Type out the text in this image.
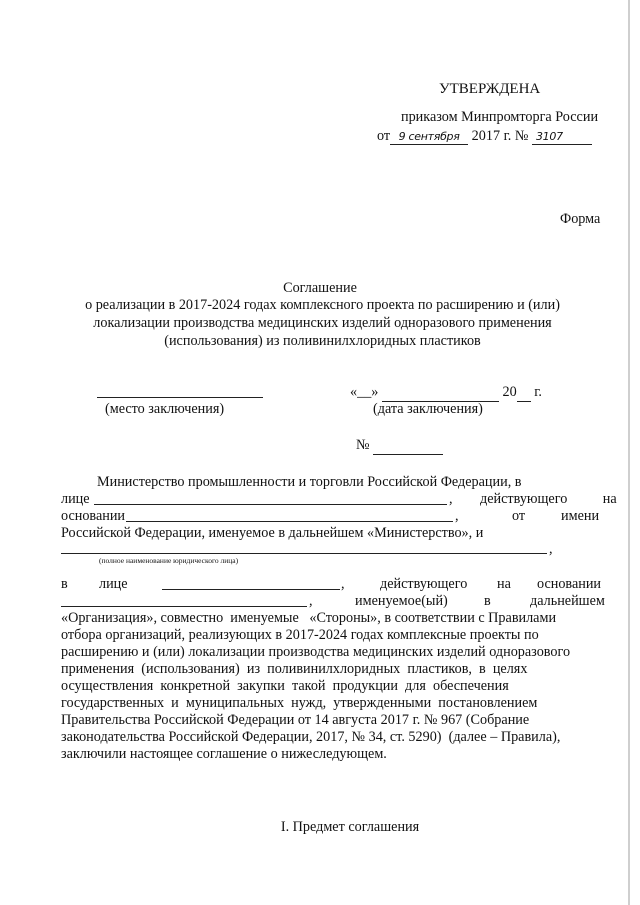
УТВЕРЖДЕНА
приказом Минпромторга России
от 9 сентября 2017 г. № 3107
Форма
Соглашение
о реализации в 2017-2024 годах комплексного проекта по расширению и (или)
локализации производства медицинских изделий одноразового применения
(использования) из поливинилхлоридных пластиков
(место заключения)
«__»	20 г.
(дата заключения)
№
Министерство промышленности и торговли Российской Федерации, в
лице	, действующего          на
основании	,	от	имени
Российской Федерации, именуемое в дальнейшем «Министерство», и
,
(полное наименование юридического лица)
в лице	, действующего на основании
,	именуемое(ый)	в	дальнейшем
«Организация», совместно  именуемые   «Стороны», в соответствии с Правилами
отбора организаций, реализующих в 2017-2024 годах комплексные проекты по
расширению и (или) локализации производства медицинских изделий одноразового
применения  (использования)  из  поливинилхлоридных  пластиков,  в  целях
осуществления  конкретной  закупки  такой  продукции  для  обеспечения
государственных  и  муниципальных  нужд,  утвержденными  постановлением
Правительства Российской Федерации от 14 августа 2017 г. № 967 (Собрание
законодательства Российской Федерации, 2017, № 34, ст. 5290)  (далее – Правила),
заключили настоящее соглашение о нижеследующем.
I. Предмет соглашения
